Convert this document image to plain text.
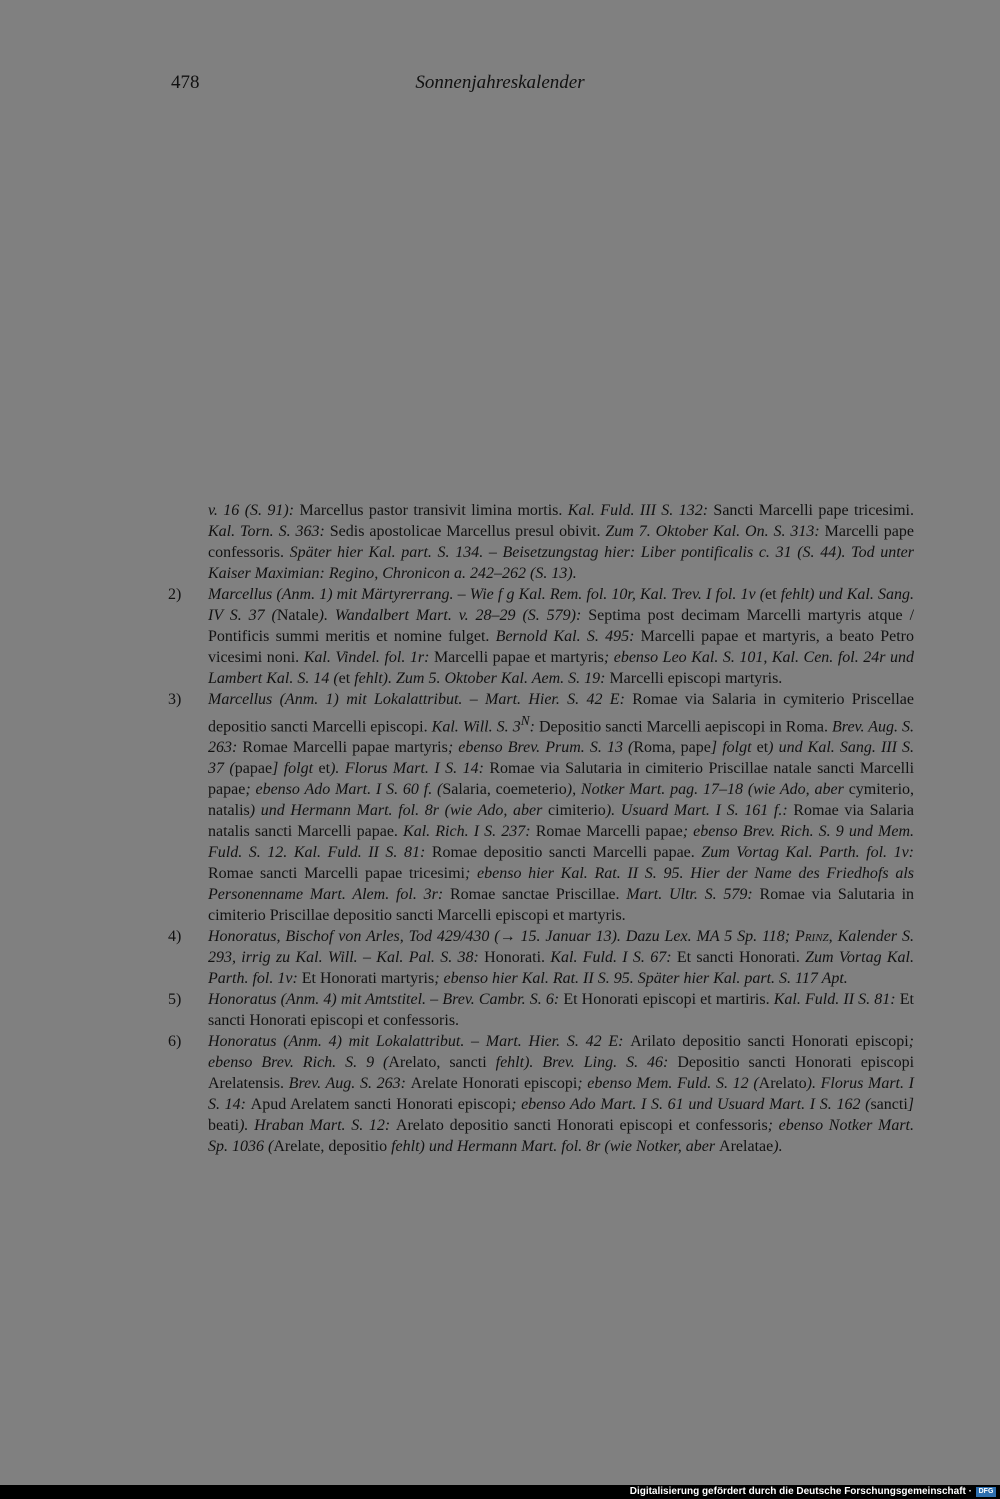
478	Sonnenjahreskalender

v. 16 (S. 91): Marcellus pastor transivit limina mortis. Kal. Fuld. III S. 132: Sancti Marcelli pape tricesimi. Kal. Torn. S. 363: Sedis apostolicae Marcellus presul obivit. Zum 7. Oktober Kal. On. S. 313: Marcelli pape confessoris. Später hier Kal. part. S. 134. – Beisetzungstag hier: Liber pontificalis c. 31 (S. 44). Tod unter Kaiser Maximian: Regino, Chronicon a. 242–262 (S. 13).

2) Marcellus (Anm. 1) mit Märtyrerrang. – Wie f g Kal. Rem. fol. 10r, Kal. Trev. I fol. 1v (et fehlt) und Kal. Sang. IV S. 37 (Natale). Wandalbert Mart. v. 28–29 (S. 579): Septima post decimam Marcelli martyris atque / Pontificis summi meritis et nomine fulget. Bernold Kal. S. 495: Marcelli papae et martyris, a beato Petro vicesimi noni. Kal. Vindel. fol. 1r: Marcelli papae et martyris; ebenso Leo Kal. S. 101, Kal. Cen. fol. 24r und Lambert Kal. S. 14 (et fehlt). Zum 5. Oktober Kal. Aem. S. 19: Marcelli episcopi martyris.

3) Marcellus (Anm. 1) mit Lokalattribut. – Mart. Hier. S. 42 E: Romae via Salaria in cymiterio Priscellae depositio sancti Marcelli episcopi. Kal. Will. S. $3^N$: Depositio sancti Marcelli aepiscopi in Roma. Brev. Aug. S. 263: Romae Marcelli papae martyris; ebenso Brev. Prum. S. 13 (Roma, pape] folgt et) und Kal. Sang. III S. 37 (papae] folgt et). Florus Mart. I S. 14: Romae via Salutaria in cimiterio Priscillae natale sancti Marcelli papae; ebenso Ado Mart. I S. 60 f. (Salaria, coemeterio), Notker Mart. pag. 17–18 (wie Ado, aber cymiterio, natalis) und Hermann Mart. fol. 8r (wie Ado, aber cimiterio). Usuard Mart. I S. 161 f.: Romae via Salaria natalis sancti Marcelli papae. Kal. Rich. I S. 237: Romae Marcelli papae; ebenso Brev. Rich. S. 9 und Mem. Fuld. S. 12. Kal. Fuld. II S. 81: Romae depositio sancti Marcelli papae. Zum Vortag Kal. Parth. fol. 1v: Romae sancti Marcelli papae tricesimi; ebenso hier Kal. Rat. II S. 95. Hier der Name des Friedhofs als Personenname Mart. Alem. fol. 3r: Romae sanctae Priscillae. Mart. Ultr. S. 579: Romae via Salutaria in cimiterio Priscillae depositio sancti Marcelli episcopi et martyris.

4) Honoratus, Bischof von Arles, Tod 429/430 (→ 15. Januar 13). Dazu Lex. MA 5 Sp. 118; Prinz, Kalender S. 293, irrig zu Kal. Will. – Kal. Pal. S. 38: Honorati. Kal. Fuld. I S. 67: Et sancti Honorati. Zum Vortag Kal. Parth. fol. 1v: Et Honorati martyris; ebenso hier Kal. Rat. II S. 95. Später hier Kal. part. S. 117 Apt.

5) Honoratus (Anm. 4) mit Amtstitel. – Brev. Cambr. S. 6: Et Honorati episcopi et martiris. Kal. Fuld. II S. 81: Et sancti Honorati episcopi et confessoris.

6) Honoratus (Anm. 4) mit Lokalattribut. – Mart. Hier. S. 42 E: Arilato depositio sancti Honorati episcopi; ebenso Brev. Rich. S. 9 (Arelato, sancti fehlt). Brev. Ling. S. 46: Depositio sancti Honorati episcopi Arelatensis. Brev. Aug. S. 263: Arelate Honorati episcopi; ebenso Mem. Fuld. S. 12 (Arelato). Florus Mart. I S. 14: Apud Arelatem sancti Honorati episcopi; ebenso Ado Mart. I S. 61 und Usuard Mart. I S. 162 (sancti] beati). Hraban Mart. S. 12: Arelato depositio sancti Honorati episcopi et confessoris; ebenso Notker Mart. Sp. 1036 (Arelate, depositio fehlt) und Hermann Mart. fol. 8r (wie Notker, aber Arelatae).

Digitalisierung gefördert durch die Deutsche Forschungsgemeinschaft · DFG
